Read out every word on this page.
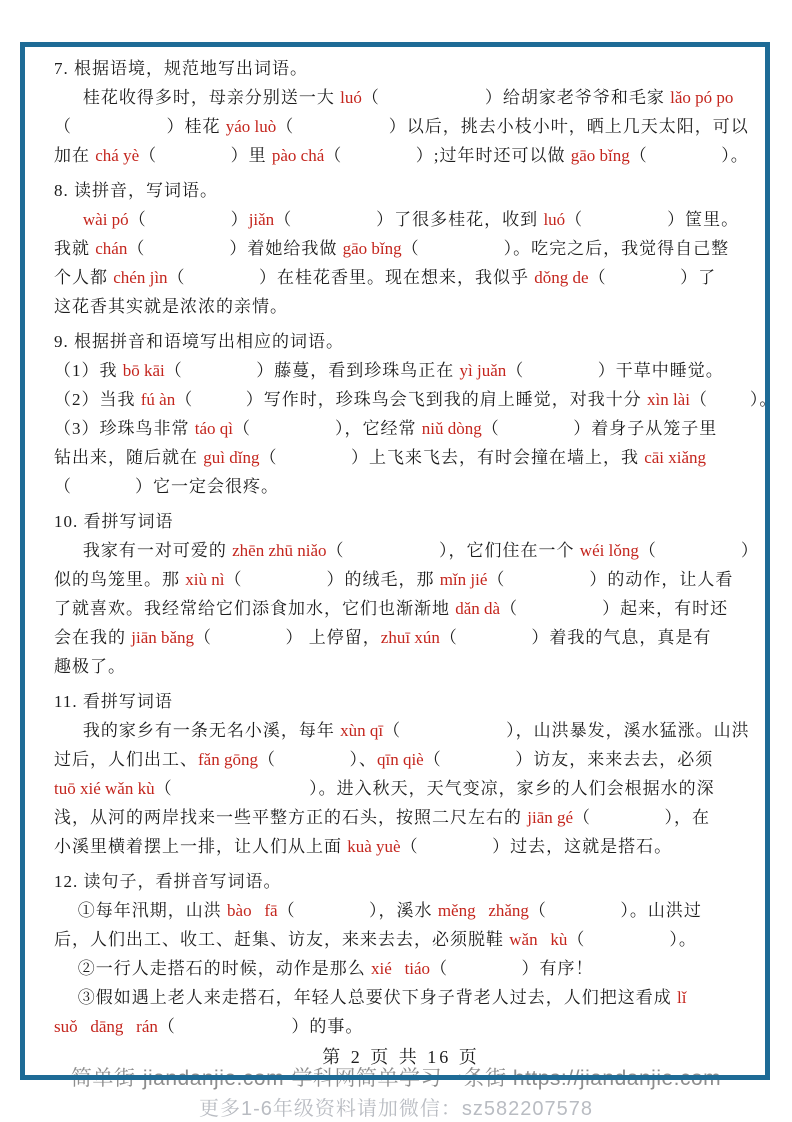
简单街-jiandanjie.com-学科网简单学习一条街 https://jiandanjie.com
更多1-6年级资料请加微信：sz582207578

7. 根据语境，规范地写出词语。

桂花收得多时，母亲分别送一大 luó（                    ）给胡家老爷爷和毛家 lǎo pó po

（                  ）桂花 yáo luò（                  ）以后，挑去小枝小叶，晒上几天太阳，可以

加在 chá yè（              ）里 pào chá（              ）;过年时还可以做 gāo bǐng（              ）。

8. 读拼音，写词语。

wài pó（                ）jiǎn（                ）了很多桂花，收到 luó（                ）筐里。

我就 chán（                ）着她给我做 gāo bǐng（                ）。吃完之后，我觉得自己整

个人都 chén jìn（              ）在桂花香里。现在想来，我似乎 dǒng de（              ）了

这花香其实就是浓浓的亲情。

9. 根据拼音和语境写出相应的词语。

（1）我 bō kāi（              ）藤蔓，看到珍珠鸟正在 yì juǎn（              ）干草中睡觉。

（2）当我 fú àn（          ）写作时，珍珠鸟会飞到我的肩上睡觉，对我十分 xìn lài（        ）。

（3）珍珠鸟非常 táo qì（                ），它经常 niǔ dòng（              ）着身子从笼子里

钻出来，随后就在 guì dǐng（              ）上飞来飞去，有时会撞在墙上，我 cāi xiǎng

（            ）它一定会很疼。

10. 看拼写词语

我家有一对可爱的 zhēn zhū niǎo（                  ），它们住在一个 wéi lǒng（                ）

似的鸟笼里。那 xiù nì（                ）的绒毛，那 mǐn jié（                ）的动作，让人看

了就喜欢。我经常给它们添食加水，它们也渐渐地 dǎn dà（                ）起来，有时还

会在我的 jiān bǎng（              ） 上停留，zhuī xún（              ）着我的气息，真是有

趣极了。

11. 看拼写词语

我的家乡有一条无名小溪，每年 xùn qī（                    ），山洪暴发，溪水猛涨。山洪

过后，人们出工、fǎn gōng（              ）、qīn qiè（              ）访友，来来去去，必须

tuō xié wǎn kù（                          ）。进入秋天，天气变凉，家乡的人们会根据水的深

浅，从河的两岸找来一些平整方正的石头，按照二尺左右的 jiān gé（              ），在

小溪里横着摆上一排，让人们从上面 kuà yuè（              ）过去，这就是搭石。

12. 读句子，看拼音写词语。

①每年汛期，山洪 bào   fā（              ），溪水 měng   zhǎng（              ）。山洪过

后，人们出工、收工、赶集、访友，来来去去，必须脱鞋 wǎn   kù（                ）。

②一行人走搭石的时候，动作是那么 xié   tiáo（              ）有序！

③假如遇上老人来走搭石，年轻人总要伏下身子背老人过去，人们把这看成 lǐ

suǒ   dāng   rán（                      ）的事。

第 2 页 共 16 页
